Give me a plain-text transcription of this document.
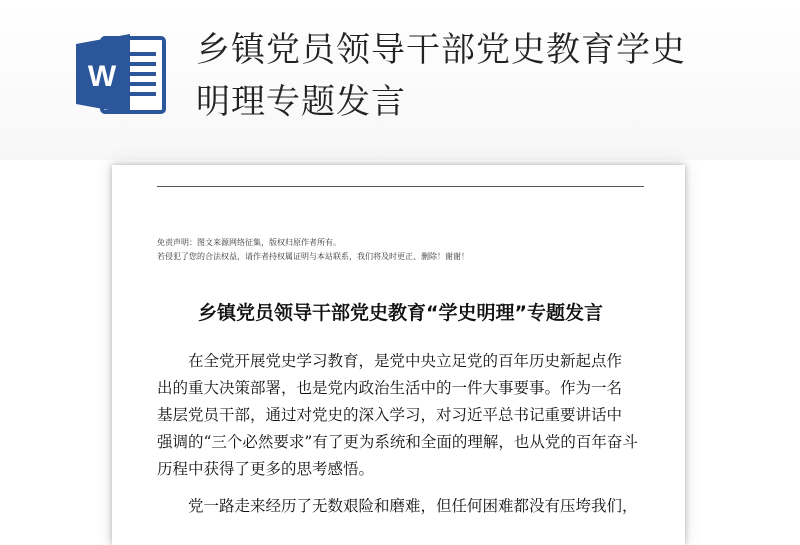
W
乡镇党员领导干部党史教育学史
明理专题发言
免责声明：图文来源网络征集，版权归原作者所有。
若侵犯了您的合法权益，请作者持权属证明与本站联系，我们将及时更正、删除！谢谢！
乡镇党员领导干部党史教育“学史明理”专题发言
在全党开展党史学习教育，是党中央立足党的百年历史新起点作
出的重大决策部署，也是党内政治生活中的一件大事要事。作为一名
基层党员干部，通过对党史的深入学习，对习近平总书记重要讲话中
强调的“三个必然要求”有了更为系统和全面的理解，也从党的百年奋斗
历程中获得了更多的思考感悟。
党一路走来经历了无数艰险和磨难，但任何困难都没有压垮我们，
